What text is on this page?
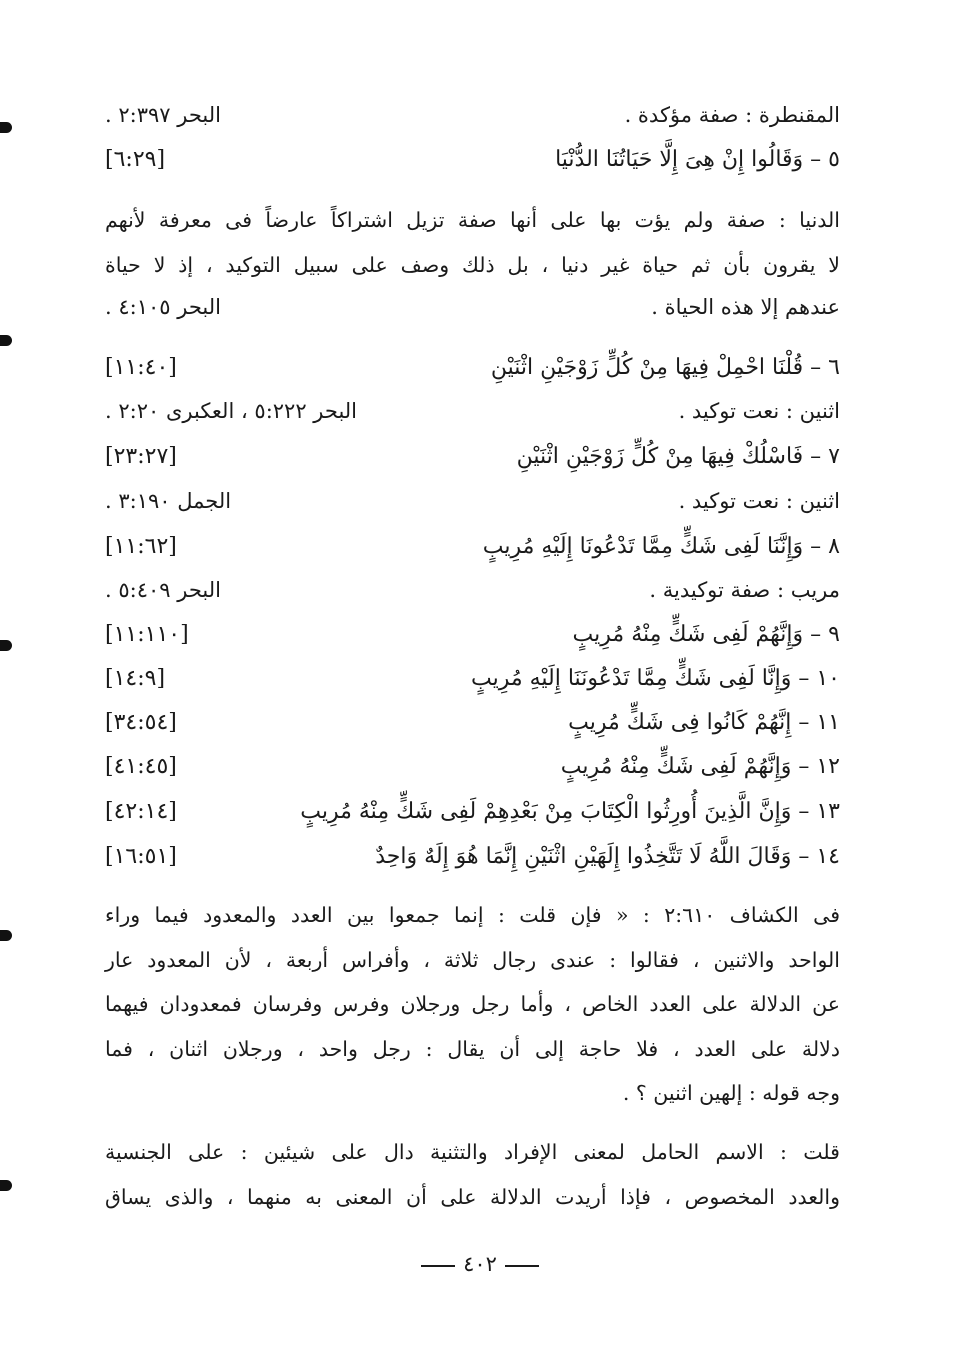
المقنطرة : صفة مؤكدة .
البحر ٢:٣٩٧ .
٥ – وَقَالُوا إِنْ هِىَ إِلَّا حَيَاتُنَا الدُّنْيَا
[٦:٢٩]
الدنيا : صفة ولم يؤت بها على أنها صفة تزيل اشتراكاً عارضاً فى معرفة لأنهم
لا يقرون بأن ثم حياة غير دنيا ، بل ذلك وصف على سبيل التوكيد ، إذ لا حياة
عندهم إلا هذه الحياة .
البحر ٤:١٠٥ .
٦ – قُلْنَا احْمِلْ فِيهَا مِنْ كُلٍّ زَوْجَيْنِ اثْنَيْنِ
[١١:٤٠]
اثنين : نعت توكيد .
البحر ٥:٢٢٢ ، العكبرى ٢:٢٠ .
٧ – فَاسْلُكْ فِيهَا مِنْ كُلٍّ زَوْجَيْنِ اثْنَيْنِ
[٢٣:٢٧]
اثنين : نعت توكيد .
الجمل ٣:١٩٠ .
٨ – وَإِنَّنَا لَفِى شَكٍّ مِمَّا تَدْعُونَا إِلَيْهِ مُرِيبٍ
[١١:٦٢]
مريب : صفة توكيدية .
البحر ٥:٤٠٩ .
٩ – وَإِنَّهُمْ لَفِى شَكٍّ مِنْهُ مُرِيبٍ
[١١:١١٠]
١٠ – وَإِنَّا لَفِى شَكٍّ مِمَّا تَدْعُونَنَا إِلَيْهِ مُرِيبٍ
[١٤:٩]
١١ – إِنَّهُمْ كَانُوا فِى شَكٍّ مُرِيبٍ
[٣٤:٥٤]
١٢ – وَإِنَّهُمْ لَفِى شَكٍّ مِنْهُ مُرِيبٍ
[٤١:٤٥]
١٣ – وَإِنَّ الَّذِينَ أُورِثُوا الْكِتَابَ مِنْ بَعْدِهِمْ لَفِى شَكٍّ مِنْهُ مُرِيبٍ
[٤٢:١٤]
١٤ – وَقَالَ اللَّهُ لَا تَتَّخِذُوا إِلَهَيْنِ اثْنَيْنِ إِنَّمَا هُوَ إِلَهٌ وَاحِدٌ
[١٦:٥١]
فى الكشاف ٢:٦١٠ : « فإن قلت : إنما جمعوا بين العدد والمعدود فيما وراء
الواحد والاثنين ، فقالوا : عندى رجال ثلاثة ، وأفراس أربعة ، لأن المعدود عار
عن الدلالة على العدد الخاص ، وأما رجل ورجلان وفرس وفرسان فمعدودان فيهما
دلالة على العدد ، فلا حاجة إلى أن يقال : رجل واحد ، ورجلان اثنان ، فما
وجه قوله : إلهين اثنين ؟ .
قلت : الاسم الحامل لمعنى الإفراد والتثنية دال على شيئين : على الجنسية
والعدد المخصوص ، فإذا أريدت الدلالة على أن المعنى به منهما ، والذى يساق
٤٠٢
